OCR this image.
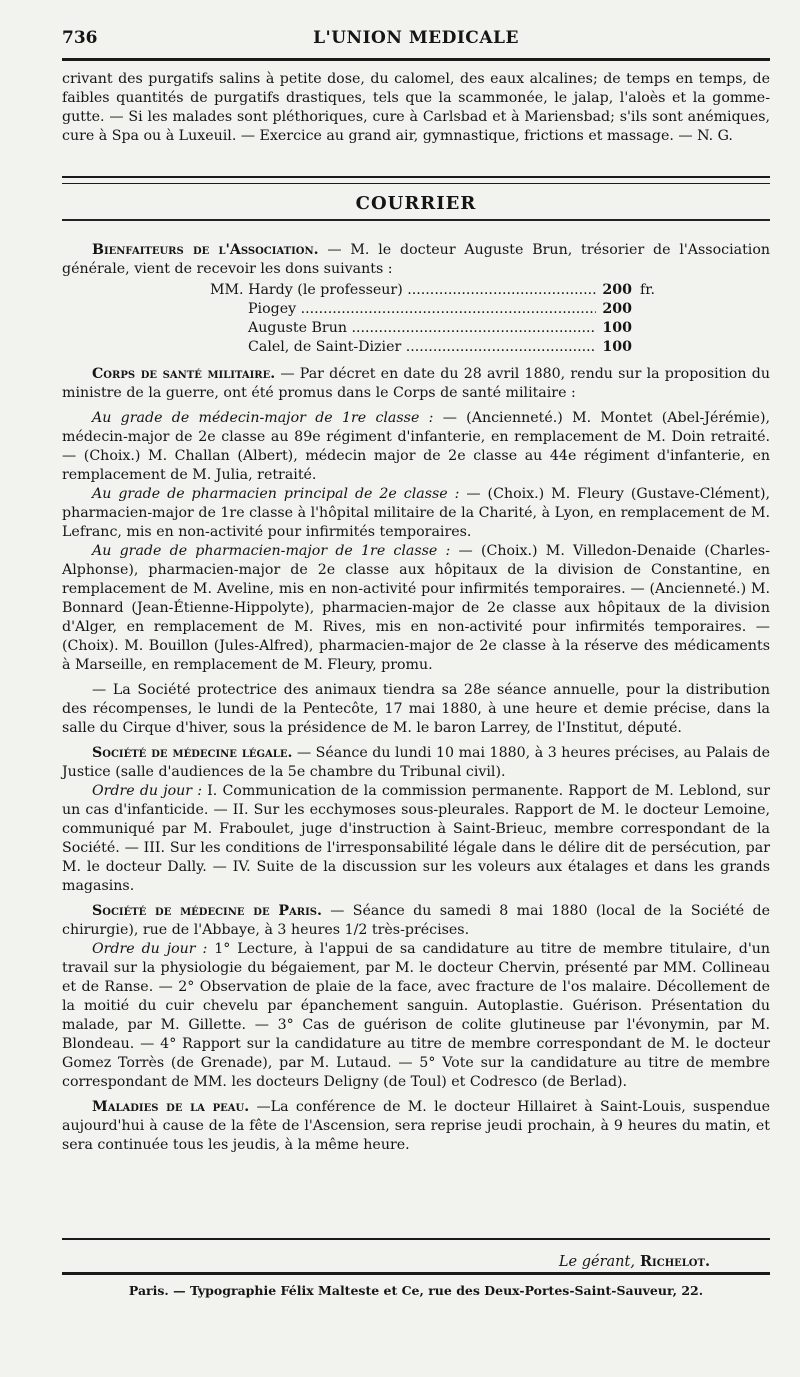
736	L'UNION MEDICALE

crivant des purgatifs salins à petite dose, du calomel, des eaux alcalines; de temps en temps, de faibles quantités de purgatifs drastiques, tels que la scammonée, le jalap, l'aloès et la gomme-gutte. — Si les malades sont pléthoriques, cure à Carlsbad et à Mariensbad; s'ils sont anémiques, cure à Spa ou à Luxeuil. — Exercice au grand air, gymnastique, frictions et massage. — N. G.

COURRIER

Bienfaiteurs de l'Association. — M. le docteur Auguste Brun, trésorier de l'Association générale, vient de recevoir les dons suivants :

MM. Hardy (le professeur) .....	200 fr.
Piogey .....	200
Auguste Brun .....	100
Calel, de Saint-Dizier .....	100

Corps de santé militaire. — Par décret en date du 28 avril 1880, rendu sur la proposition du ministre de la guerre, ont été promus dans le Corps de santé militaire :

Au grade de médecin-major de 1re classe : — (Ancienneté.) M. Montet (Abel-Jérémie), médecin-major de 2e classe au 89e régiment d'infanterie, en remplacement de M. Doin retraité. — (Choix.) M. Challan (Albert), médecin major de 2e classe au 44e régiment d'infanterie, en remplacement de M. Julia, retraité.

Au grade de pharmacien principal de 2e classe : — (Choix.) M. Fleury (Gustave-Clément), pharmacien-major de 1re classe à l'hôpital militaire de la Charité, à Lyon, en remplacement de M. Lefranc, mis en non-activité pour infirmités temporaires.

Au grade de pharmacien-major de 1re classe : — (Choix.) M. Villedon-Denaide (Charles-Alphonse), pharmacien-major de 2e classe aux hôpitaux de la division de Constantine, en remplacement de M. Aveline, mis en non-activité pour infirmités temporaires. — (Ancienneté.) M. Bonnard (Jean-Étienne-Hippolyte), pharmacien-major de 2e classe aux hôpitaux de la division d'Alger, en remplacement de M. Rives, mis en non-activité pour infirmités temporaires. — (Choix). M. Bouillon (Jules-Alfred), pharmacien-major de 2e classe à la réserve des médicaments à Marseille, en remplacement de M. Fleury, promu.

— La Société protectrice des animaux tiendra sa 28e séance annuelle, pour la distribution des récompenses, le lundi de la Pentecôte, 17 mai 1880, à une heure et demie précise, dans la salle du Cirque d'hiver, sous la présidence de M. le baron Larrey, de l'Institut, député.

Société de médecine légale. — Séance du lundi 10 mai 1880, à 3 heures précises, au Palais de Justice (salle d'audiences de la 5e chambre du Tribunal civil).

Ordre du jour : I. Communication de la commission permanente. Rapport de M. Leblond, sur un cas d'infanticide. — II. Sur les ecchymoses sous-pleurales. Rapport de M. le docteur Lemoine, communiqué par M. Fraboulet, juge d'instruction à Saint-Brieuc, membre correspondant de la Société. — III. Sur les conditions de l'irresponsabilité légale dans le délire dit de persécution, par M. le docteur Dally. — IV. Suite de la discussion sur les voleurs aux étalages et dans les grands magasins.

Société de médecine de Paris. — Séance du samedi 8 mai 1880 (local de la Société de chirurgie), rue de l'Abbaye, à 3 heures 1/2 très-précises.

Ordre du jour : 1° Lecture, à l'appui de sa candidature au titre de membre titulaire, d'un travail sur la physiologie du bégaiement, par M. le docteur Chervin, présenté par MM. Collineau et de Ranse. — 2° Observation de plaie de la face, avec fracture de l'os malaire. Décollement de la moitié du cuir chevelu par épanchement sanguin. Autoplastie. Guérison. Présentation du malade, par M. Gillette. — 3° Cas de guérison de colite glutineuse par l'évonymin, par M. Blondeau. — 4° Rapport sur la candidature au titre de membre correspondant de M. le docteur Gomez Torrès (de Grenade), par M. Lutaud. — 5° Vote sur la candidature au titre de membre correspondant de MM. les docteurs Deligny (de Toul) et Codresco (de Berlad).

Maladies de la peau. —La conférence de M. le docteur Hillairet à Saint-Louis, suspendue aujourd'hui à cause de la fête de l'Ascension, sera reprise jeudi prochain, à 9 heures du matin, et sera continuée tous les jeudis, à la même heure.

Le gérant, Richelot.
Paris. — Typographie Félix Malteste et Ce, rue des Deux-Portes-Saint-Sauveur, 22.
